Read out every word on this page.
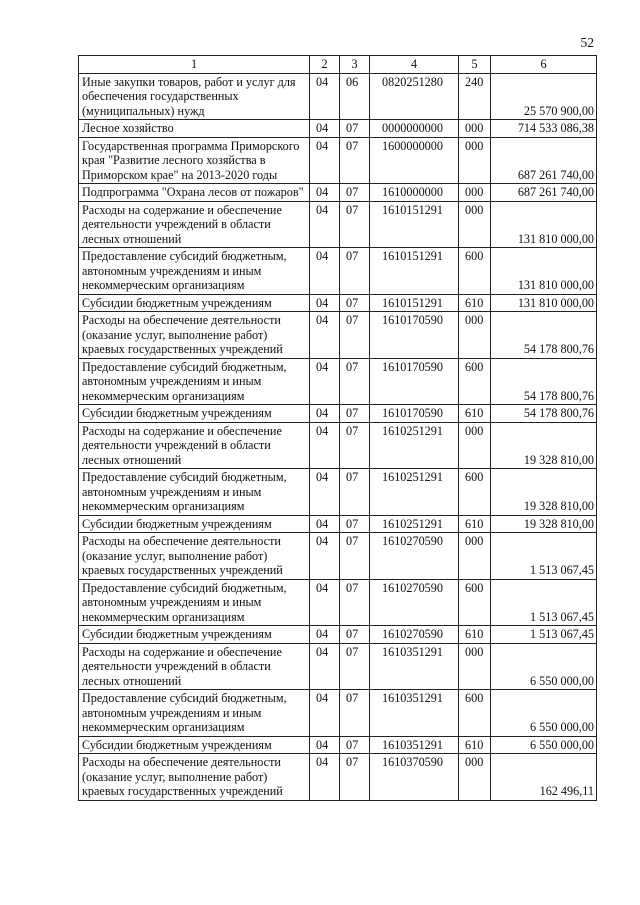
52
1	2	3	4	5	6
Иные закупки товаров, работ и услуг для обеспечения государственных (муниципальных) нужд	04	06	0820251280	240	25 570 900,00
Лесное хозяйство	04	07	0000000000	000	714 533 086,38
Государственная программа Приморского края "Развитие лесного хозяйства в Приморском крае" на 2013-2020 годы	04	07	1600000000	000	687 261 740,00
Подпрограмма "Охрана лесов от пожаров"	04	07	1610000000	000	687 261 740,00
Расходы на содержание и обеспечение деятельности учреждений в области лесных отношений	04	07	1610151291	000	131 810 000,00
Предоставление субсидий бюджетным, автономным учреждениям и иным некоммерческим организациям	04	07	1610151291	600	131 810 000,00
Субсидии бюджетным учреждениям	04	07	1610151291	610	131 810 000,00
Расходы на обеспечение деятельности (оказание услуг, выполнение работ) краевых государственных учреждений	04	07	1610170590	000	54 178 800,76
Предоставление субсидий бюджетным, автономным учреждениям и иным некоммерческим организациям	04	07	1610170590	600	54 178 800,76
Субсидии бюджетным учреждениям	04	07	1610170590	610	54 178 800,76
Расходы на содержание и обеспечение деятельности учреждений в области лесных отношений	04	07	1610251291	000	19 328 810,00
Предоставление субсидий бюджетным, автономным учреждениям и иным некоммерческим организациям	04	07	1610251291	600	19 328 810,00
Субсидии бюджетным учреждениям	04	07	1610251291	610	19 328 810,00
Расходы на обеспечение деятельности (оказание услуг, выполнение работ) краевых государственных учреждений	04	07	1610270590	000	1 513 067,45
Предоставление субсидий бюджетным, автономным учреждениям и иным некоммерческим организациям	04	07	1610270590	600	1 513 067,45
Субсидии бюджетным учреждениям	04	07	1610270590	610	1 513 067,45
Расходы на содержание и обеспечение деятельности учреждений в области лесных отношений	04	07	1610351291	000	6 550 000,00
Предоставление субсидий бюджетным, автономным учреждениям и иным некоммерческим организациям	04	07	1610351291	600	6 550 000,00
Субсидии бюджетным учреждениям	04	07	1610351291	610	6 550 000,00
Расходы на обеспечение деятельности (оказание услуг, выполнение работ) краевых государственных учреждений	04	07	1610370590	000	162 496,11
